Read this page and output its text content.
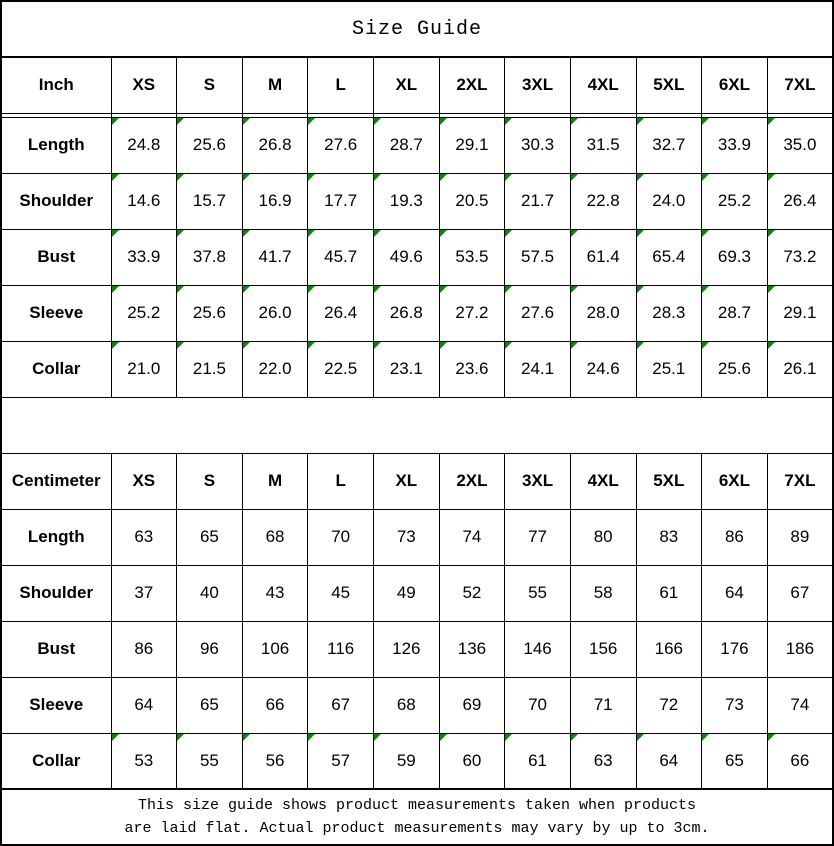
Size Guide											
Inch	XS	S	M	L	XL	2XL	3XL	4XL	5XL	6XL	7XL

Length	24.8	25.6	26.8	27.6	28.7	29.1	30.3	31.5	32.7	33.9	35.0
Shoulder	14.6	15.7	16.9	17.7	19.3	20.5	21.7	22.8	24.0	25.2	26.4
Bust	33.9	37.8	41.7	45.7	49.6	53.5	57.5	61.4	65.4	69.3	73.2
Sleeve	25.2	25.6	26.0	26.4	26.8	27.2	27.6	28.0	28.3	28.7	29.1
Collar	21.0	21.5	22.0	22.5	23.1	23.6	24.1	24.6	25.1	25.6	26.1

Centimeter	XS	S	M	L	XL	2XL	3XL	4XL	5XL	6XL	7XL
Length	63	65	68	70	73	74	77	80	83	86	89
Shoulder	37	40	43	45	49	52	55	58	61	64	67
Bust	86	96	106	116	126	136	146	156	166	176	186
Sleeve	64	65	66	67	68	69	70	71	72	73	74
Collar	53	55	56	57	59	60	61	63	64	65	66

This size guide shows product measurements taken when products
are laid flat. Actual product measurements may vary by up to 3cm.											
